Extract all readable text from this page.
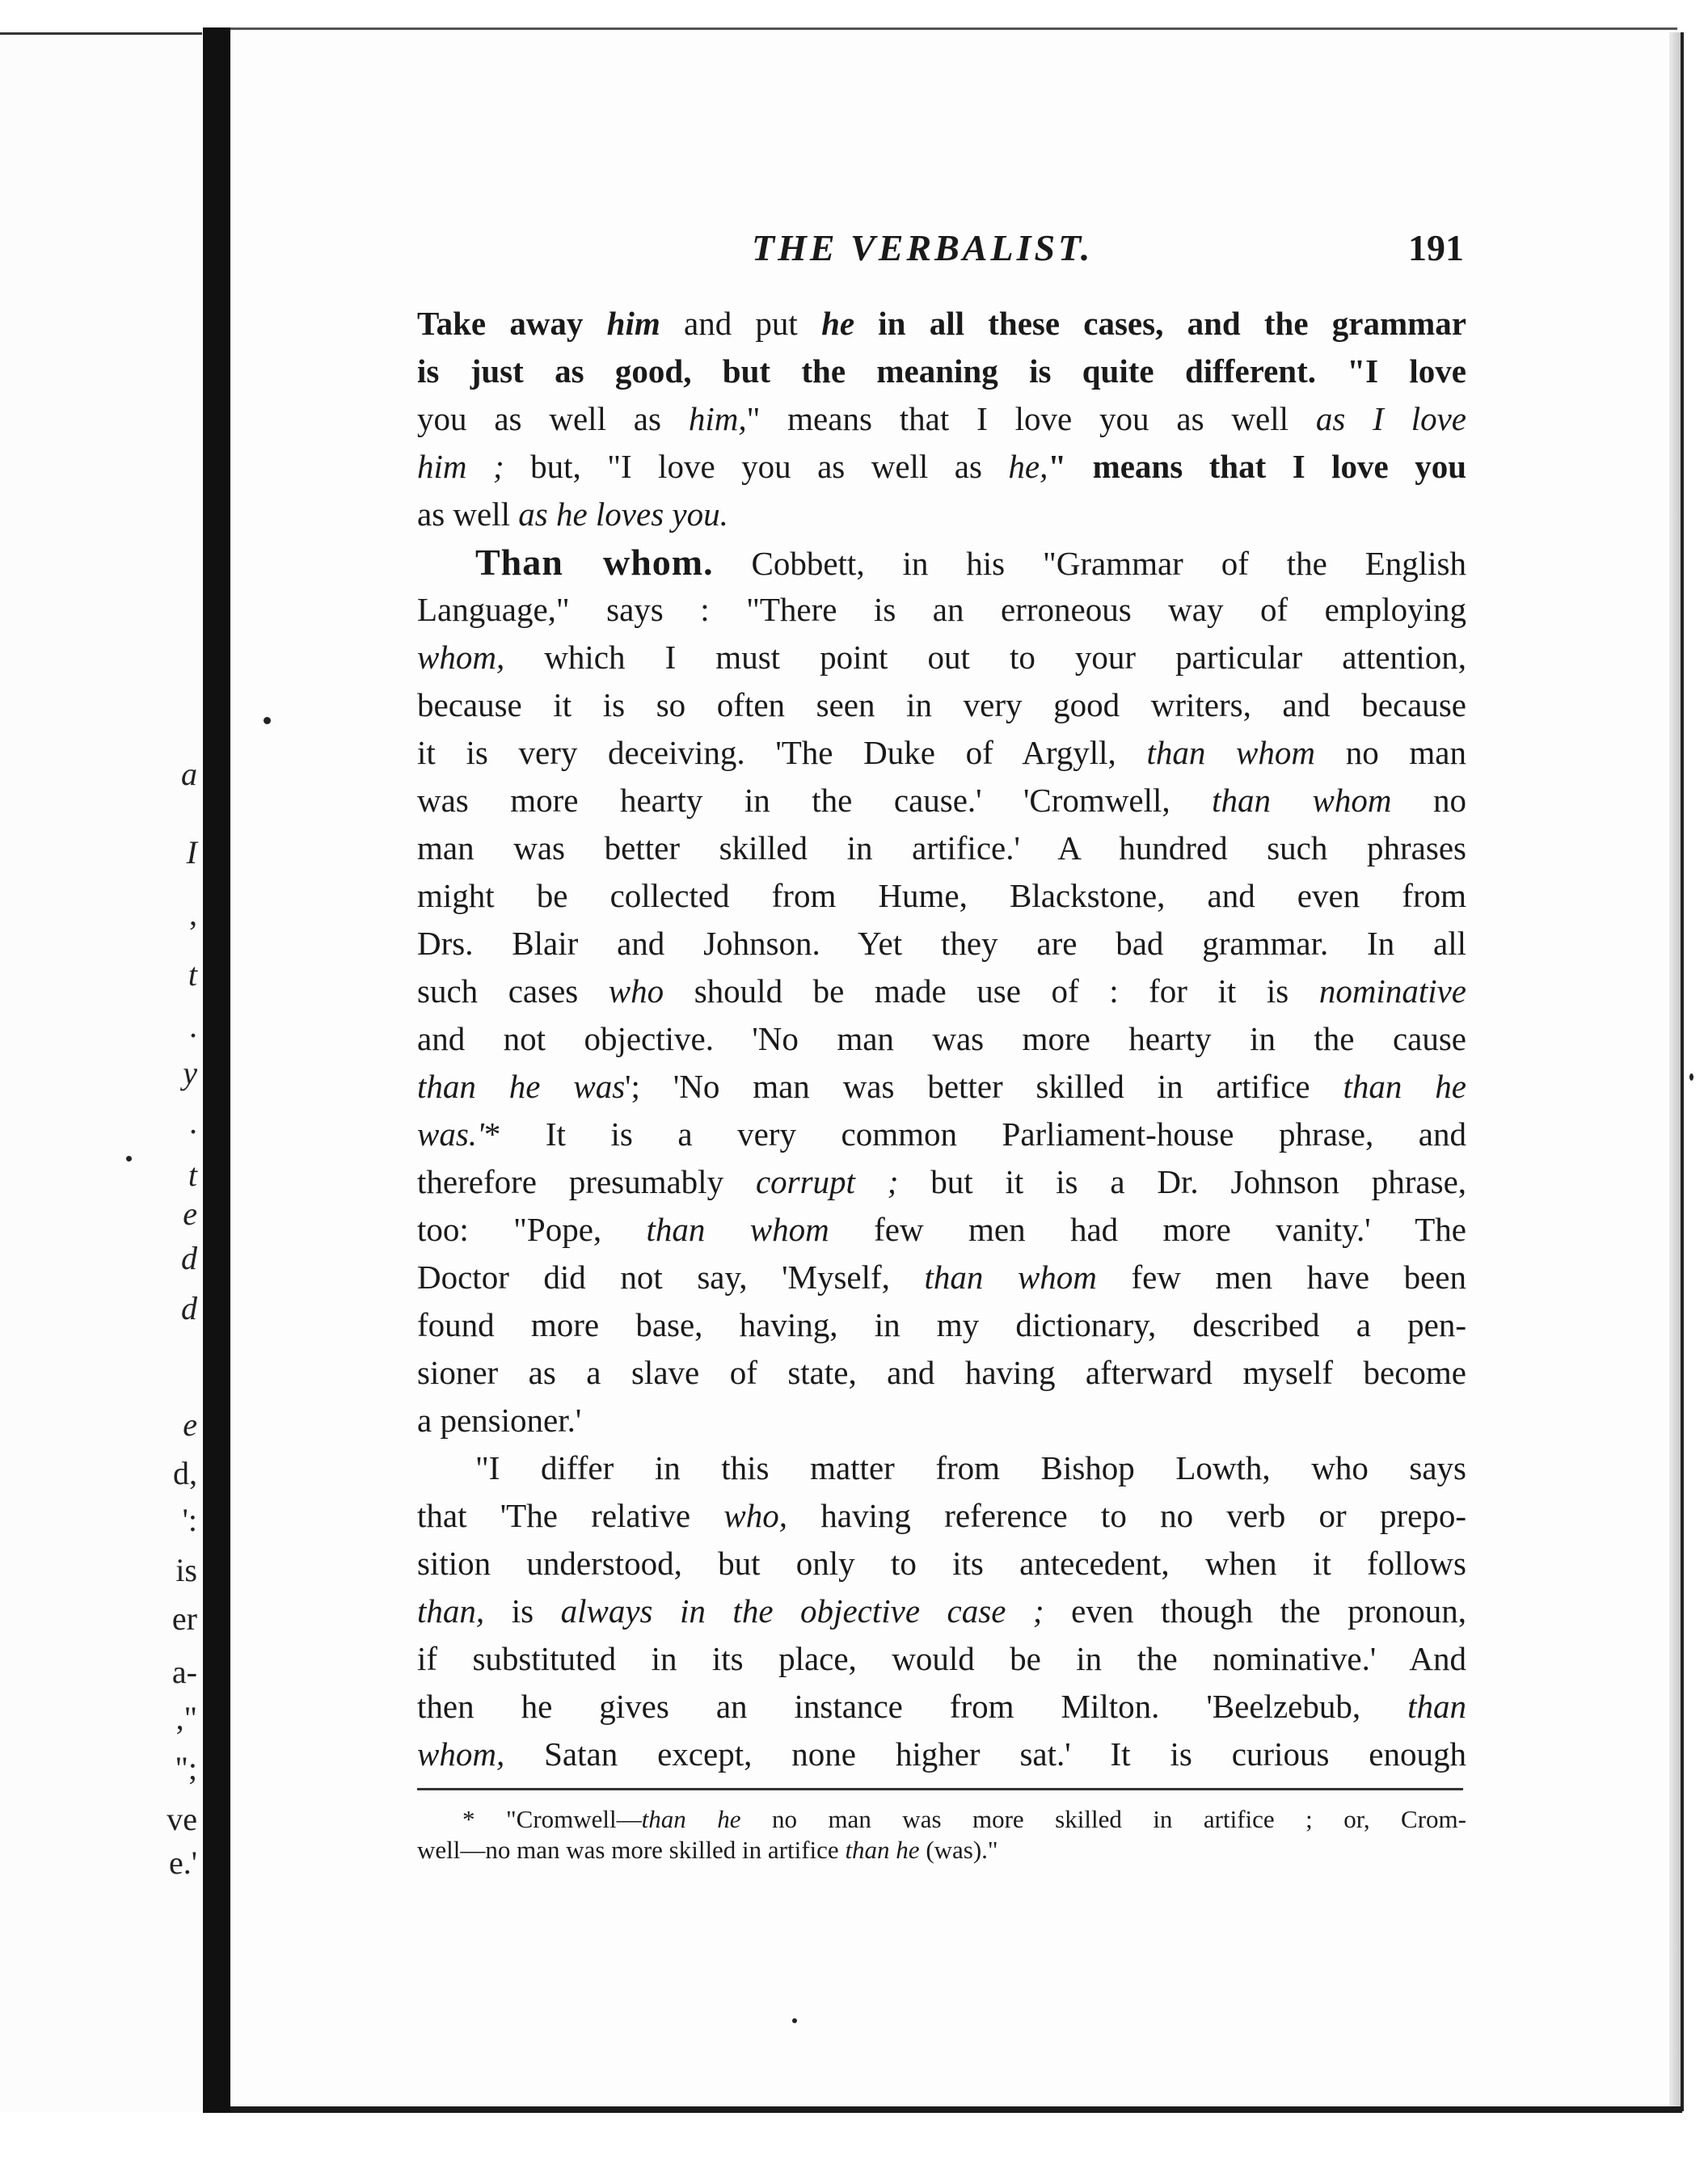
a
I
,
t
.
y
.
t
e
d
d
e
d,
':
is
er
a-
,"
";
ve
e.'
THE VERBALIST.	191
Take away him and put he in all these cases, and the grammar
is just as good, but the meaning is quite different. "I love
you as well as him," means that I love you as well as I love
him ; but, "I love you as well as he," means that I love you
as well as he loves you.
Than whom. Cobbett, in his "Grammar of the English
Language," says : "There is an erroneous way of employing
whom, which I must point out to your particular attention,
because it is so often seen in very good writers, and because
it is very deceiving. 'The Duke of Argyll, than whom no man
was more hearty in the cause.' 'Cromwell, than whom no
man was better skilled in artifice.' A hundred such phrases
might be collected from Hume, Blackstone, and even from
Drs. Blair and Johnson. Yet they are bad grammar. In all
such cases who should be made use of : for it is nominative
and not objective. 'No man was more hearty in the cause
than he was'; 'No man was better skilled in artifice than he
was.'* It is a very common Parliament-house phrase, and
therefore presumably corrupt ; but it is a Dr. Johnson phrase,
too: "Pope, than whom few men had more vanity.' The
Doctor did not say, 'Myself, than whom few men have been
found more base, having, in my dictionary, described a pen-
sioner as a slave of state, and having afterward myself become
a pensioner.'
"I differ in this matter from Bishop Lowth, who says
that 'The relative who, having reference to no verb or prepo-
sition understood, but only to its antecedent, when it follows
than, is always in the objective case ; even though the pronoun,
if substituted in its place, would be in the nominative.' And
then he gives an instance from Milton. 'Beelzebub, than
whom, Satan except, none higher sat.' It is curious enough
* "Cromwell—than he no man was more skilled in artifice ; or, Crom-
well—no man was more skilled in artifice than he (was)."
